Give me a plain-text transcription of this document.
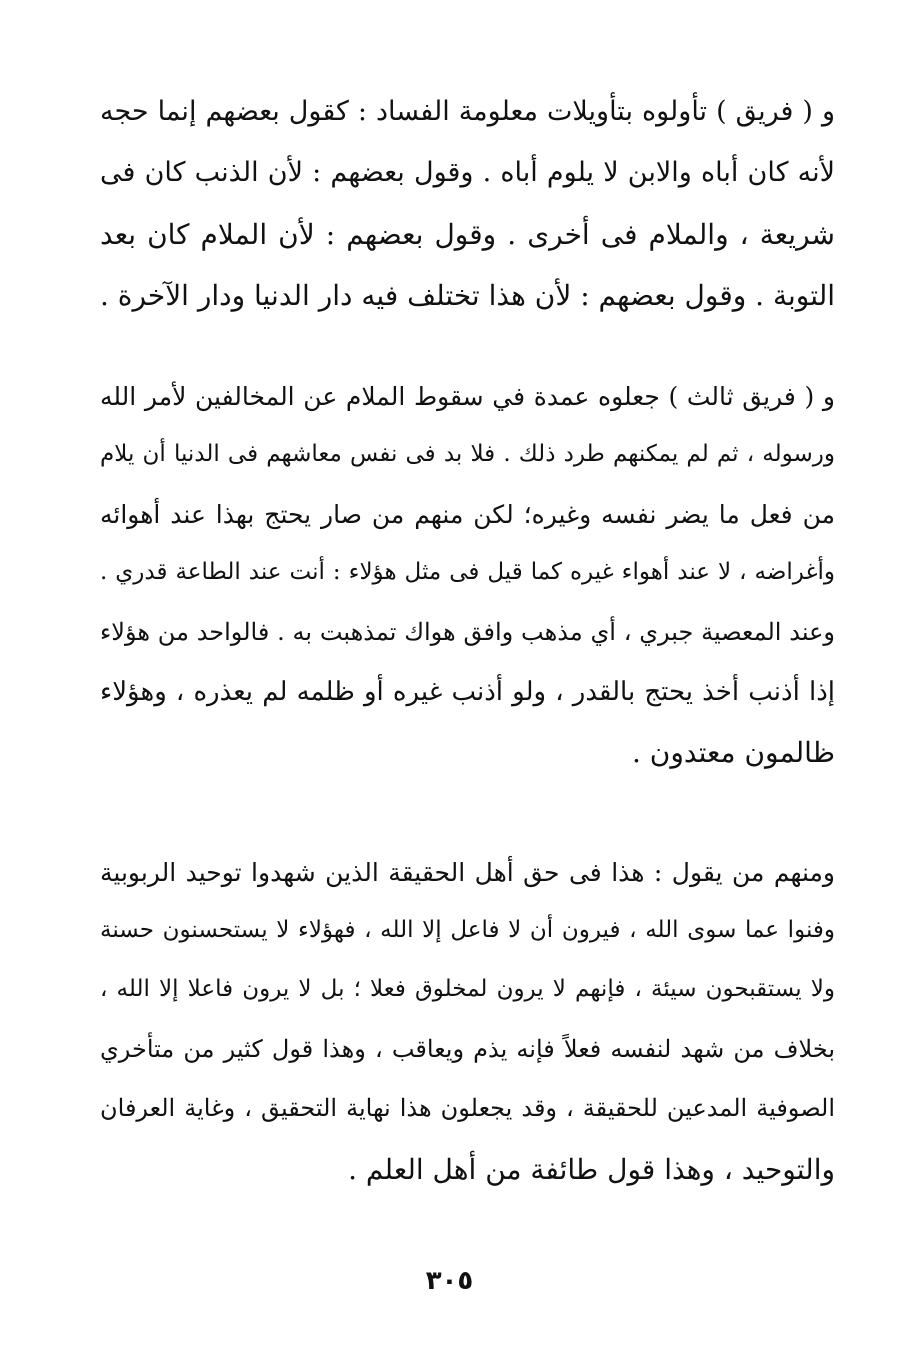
و ( فريق ) تأولوه بتأويلات معلومة الفساد : كقول بعضهم إنما حجه
لأنه كان أباه والابن لا يلوم أباه . وقول بعضهم : لأن الذنب كان فى
شريعة ، والملام فى أخرى . وقول بعضهم : لأن الملام كان بعد
التوبة . وقول بعضهم : لأن هذا تختلف فيه دار الدنيا ودار الآخرة .
و ( فريق ثالث ) جعلوه عمدة في سقوط الملام عن المخالفين لأمر الله
ورسوله ، ثم لم يمكنهم طرد ذلك . فلا بد فى نفس معاشهم فى الدنيا أن يلام
من فعل ما يضر نفسه وغيره؛ لكن منهم من صار يحتج بهذا عند أهوائه
وأغراضه ، لا عند أهواء غيره كما قيل فى مثل هؤلاء : أنت عند الطاعة قدري .
وعند المعصية جبري ، أي مذهب وافق هواك تمذهبت به . فالواحد من هؤلاء
إذا أذنب أخذ يحتج بالقدر ، ولو أذنب غيره أو ظلمه لم يعذره ، وهؤلاء
ظالمون معتدون .
ومنهم من يقول : هذا فى حق أهل الحقيقة الذين شهدوا توحيد الربوبية
وفنوا عما سوى الله ، فيرون أن لا فاعل إلا الله ، فهؤلاء لا يستحسنون حسنة
ولا يستقبحون سيئة ، فإنهم لا يرون لمخلوق فعلا ؛ بل لا يرون فاعلا إلا الله ،
بخلاف من شهد لنفسه فعلاً فإنه يذم ويعاقب ، وهذا قول كثير من متأخري
الصوفية المدعين للحقيقة ، وقد يجعلون هذا نهاية التحقيق ، وغاية العرفان
والتوحيد ، وهذا قول طائفة من أهل العلم .
٣٠٥
